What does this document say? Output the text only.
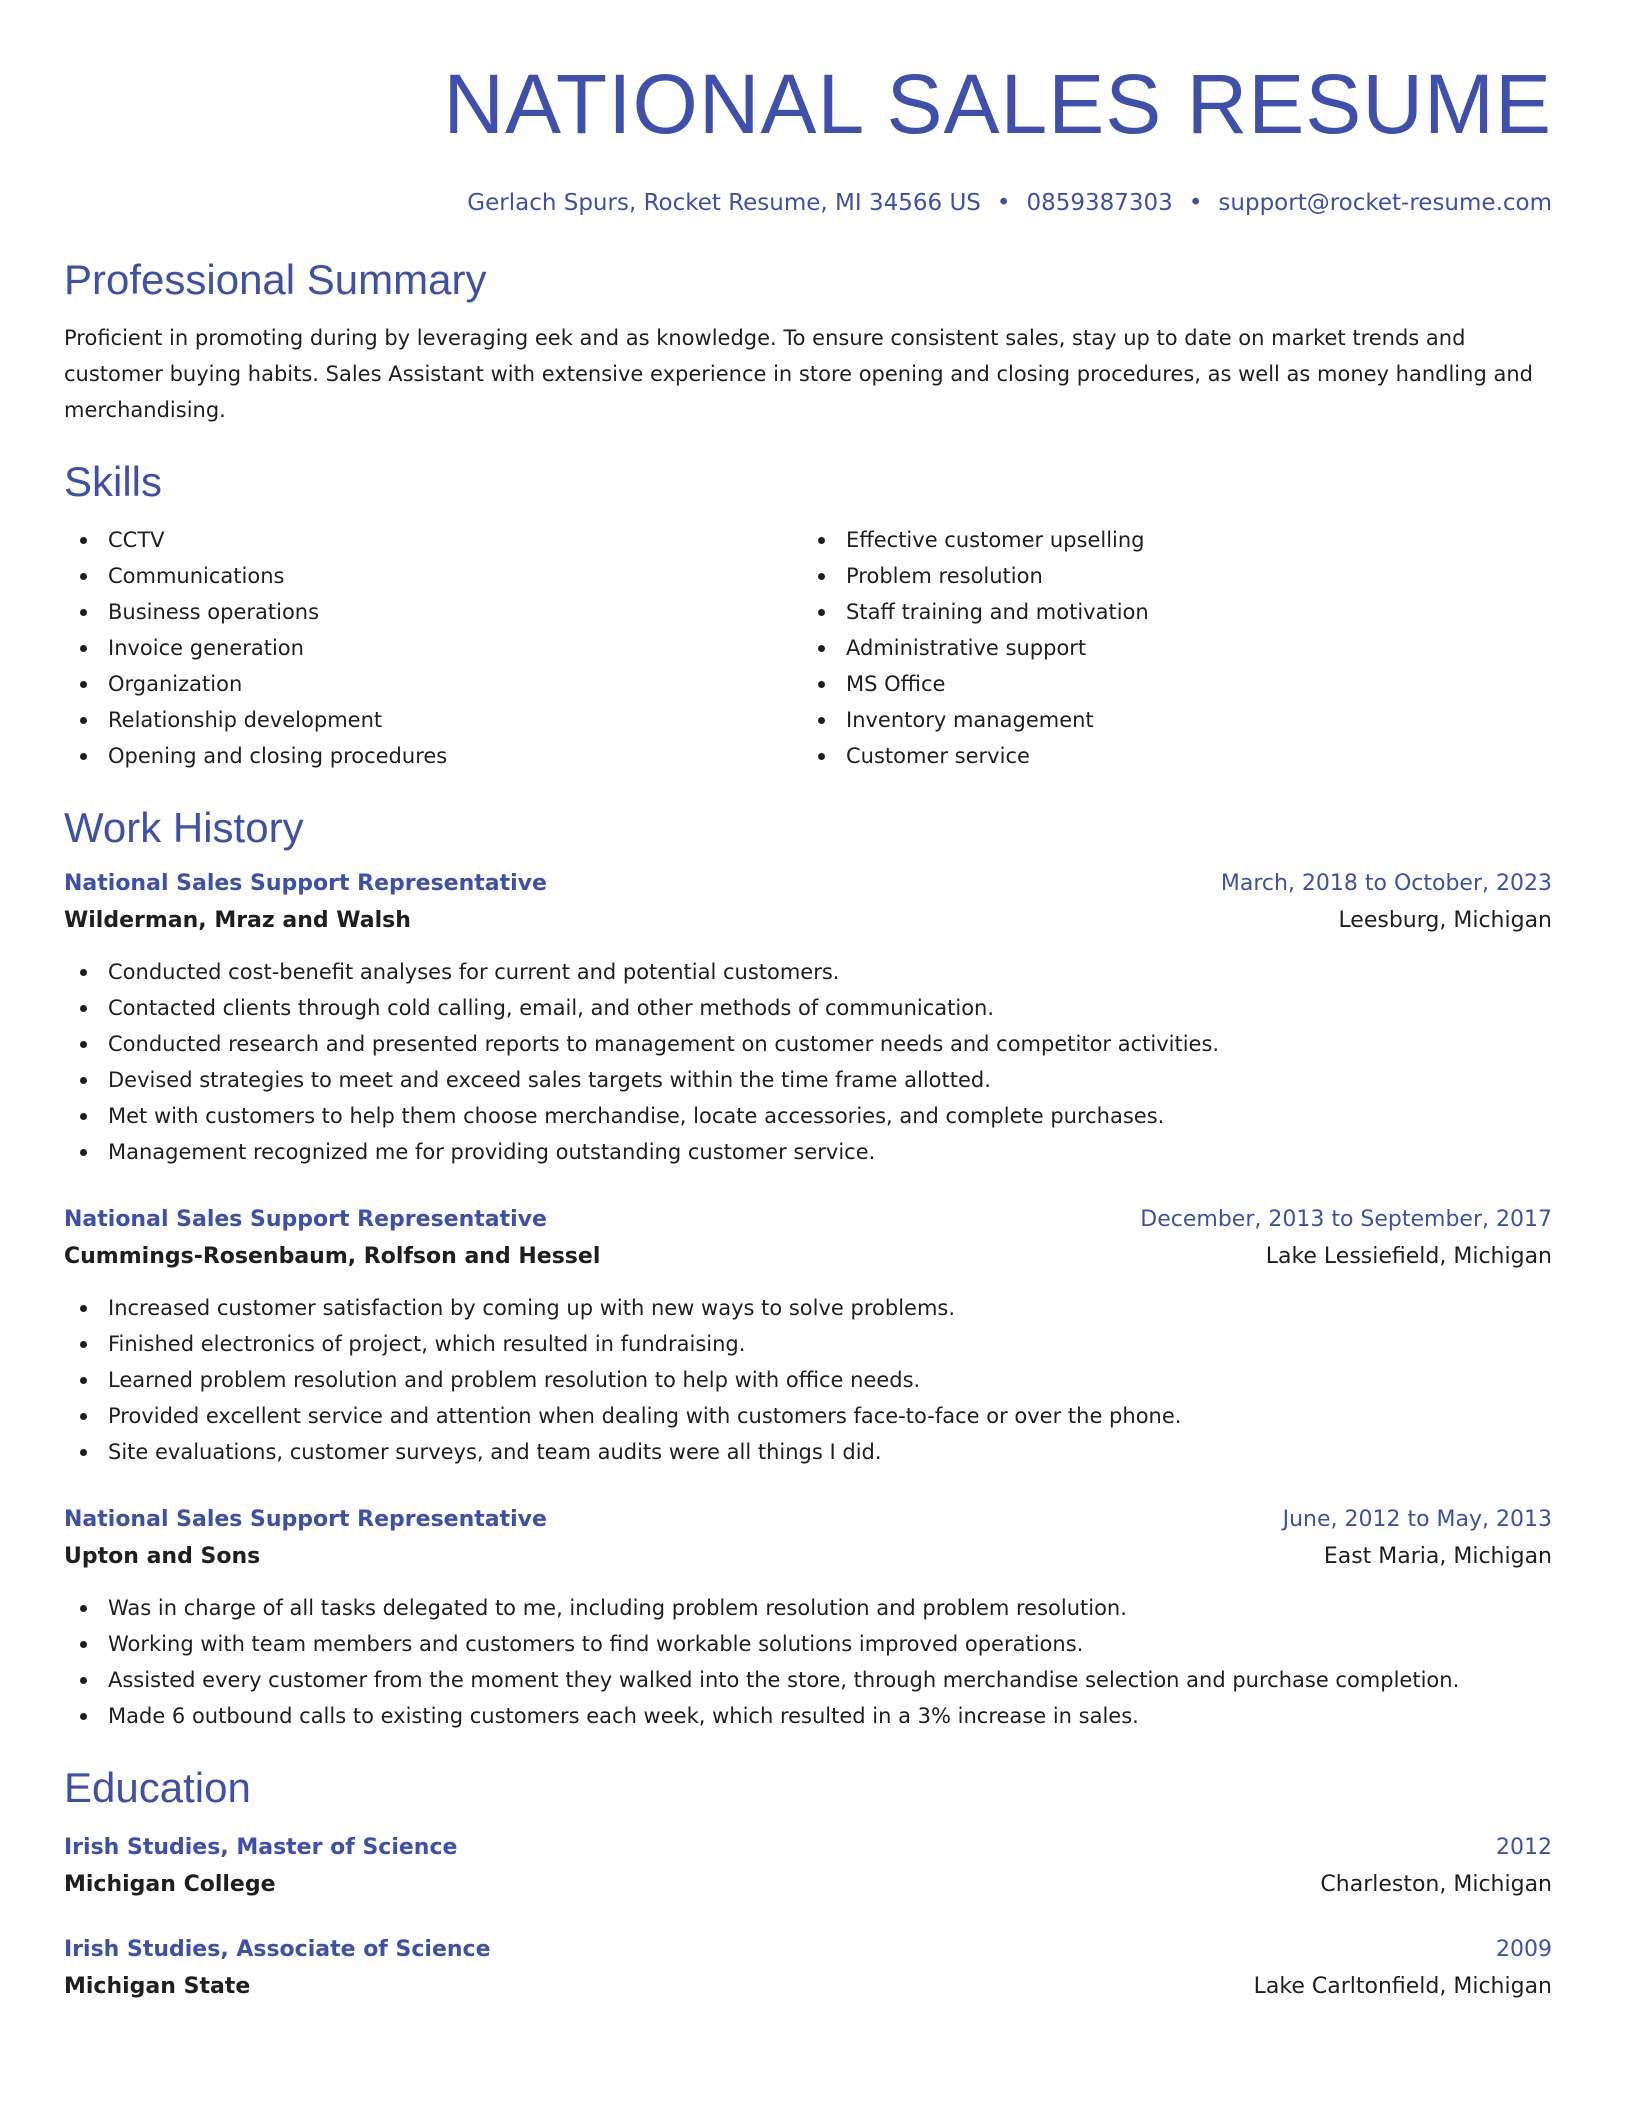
NATIONAL SALES RESUME
Gerlach Spurs, Rocket Resume, MI 34566 US • 0859387303 • support@rocket-resume.com
Professional Summary
Proficient in promoting during by leveraging eek and as knowledge. To ensure consistent sales, stay up to date on market trends and customer buying habits. Sales Assistant with extensive experience in store opening and closing procedures, as well as money handling and merchandising.
Skills
CCTV
Communications
Business operations
Invoice generation
Organization
Relationship development
Opening and closing procedures
Effective customer upselling
Problem resolution
Staff training and motivation
Administrative support
MS Office
Inventory management
Customer service
Work History
National Sales Support Representative	March, 2018 to October, 2023
Wilderman, Mraz and Walsh	Leesburg, Michigan
Conducted cost-benefit analyses for current and potential customers.
Contacted clients through cold calling, email, and other methods of communication.
Conducted research and presented reports to management on customer needs and competitor activities.
Devised strategies to meet and exceed sales targets within the time frame allotted.
Met with customers to help them choose merchandise, locate accessories, and complete purchases.
Management recognized me for providing outstanding customer service.
National Sales Support Representative	December, 2013 to September, 2017
Cummings-Rosenbaum, Rolfson and Hessel	Lake Lessiefield, Michigan
Increased customer satisfaction by coming up with new ways to solve problems.
Finished electronics of project, which resulted in fundraising.
Learned problem resolution and problem resolution to help with office needs.
Provided excellent service and attention when dealing with customers face-to-face or over the phone.
Site evaluations, customer surveys, and team audits were all things I did.
National Sales Support Representative	June, 2012 to May, 2013
Upton and Sons	East Maria, Michigan
Was in charge of all tasks delegated to me, including problem resolution and problem resolution.
Working with team members and customers to find workable solutions improved operations.
Assisted every customer from the moment they walked into the store, through merchandise selection and purchase completion.
Made 6 outbound calls to existing customers each week, which resulted in a 3% increase in sales.
Education
Irish Studies, Master of Science	2012
Michigan College	Charleston, Michigan
Irish Studies, Associate of Science	2009
Michigan State	Lake Carltonfield, Michigan
